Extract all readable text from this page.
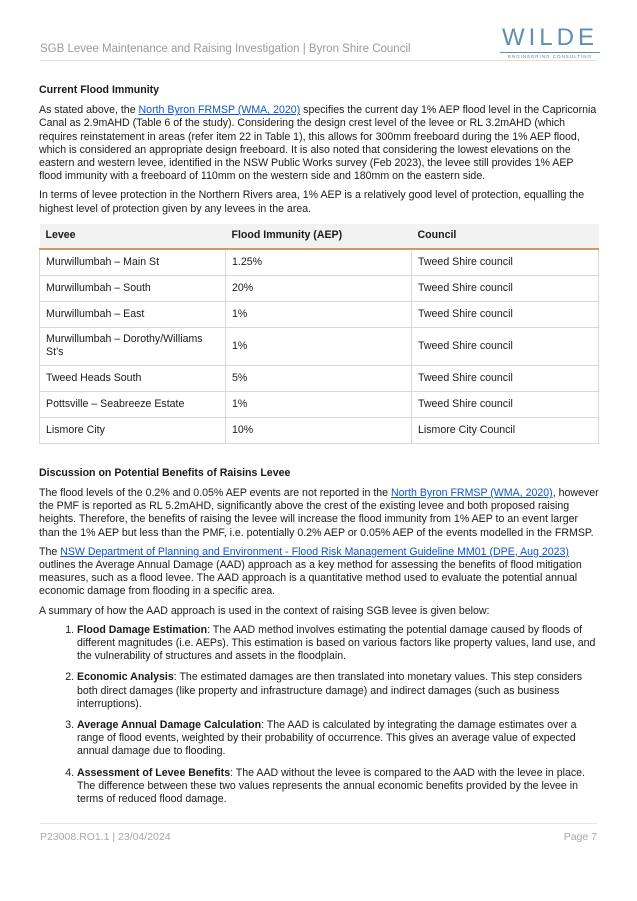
SGB Levee Maintenance and Raising Investigation | Byron Shire Council	WILDE
ENGINEERING CONSULTING
Current Flood Immunity

As stated above, the North Byron FRMSP (WMA, 2020) specifies the current day 1% AEP flood level in the Capricornia Canal as 2.9mAHD (Table 6 of the study). Considering the design crest level of the levee or RL 3.2mAHD (which requires reinstatement in areas (refer item 22 in Table 1), this allows for 300mm freeboard during the 1% AEP flood, which is considered an appropriate design freeboard. It is also noted that considering the lowest elevations on the eastern and western levee, identified in the NSW Public Works survey (Feb 2023), the levee still provides 1% AEP flood immunity with a freeboard of 110mm on the western side and 180mm on the eastern side.

In terms of levee protection in the Northern Rivers area, 1% AEP is a relatively good level of protection, equalling the highest level of protection given by any levees in the area.

Levee	Flood Immunity (AEP)	Council
Murwillumbah – Main St	1.25%	Tweed Shire council
Murwillumbah – South	20%	Tweed Shire council
Murwillumbah – East	1%	Tweed Shire council
Murwillumbah – Dorothy/Williams St’s	1%	Tweed Shire council
Tweed Heads South	5%	Tweed Shire council
Pottsville – Seabreeze Estate	1%	Tweed Shire council
Lismore City	10%	Lismore City Council
Discussion on Potential Benefits of Raisins Levee

The flood levels of the 0.2% and 0.05% AEP events are not reported in the North Byron FRMSP (WMA, 2020), however the PMF is reported as RL 5.2mAHD, significantly above the crest of the existing levee and both proposed raising heights. Therefore, the benefits of raising the levee will increase the flood immunity from 1% AEP to an event larger than the 1% AEP but less than the PMF, i.e. potentially 0.2% AEP or 0.05% AEP of the events modelled in the FRMSP.

The NSW Department of Planning and Environment - Flood Risk Management Guideline MM01 (DPE, Aug 2023) outlines the Average Annual Damage (AAD) approach as a key method for assessing the benefits of flood mitigation measures, such as a flood levee. The AAD approach is a quantitative method used to evaluate the potential annual economic damage from flooding in a specific area.

A summary of how the AAD approach is used in the context of raising SGB levee is given below:

1. Flood Damage Estimation: The AAD method involves estimating the potential damage caused by floods of different magnitudes (i.e. AEPs). This estimation is based on various factors like property values, land use, and the vulnerability of structures and assets in the floodplain.
2. Economic Analysis: The estimated damages are then translated into monetary values. This step considers both direct damages (like property and infrastructure damage) and indirect damages (such as business interruptions).
3. Average Annual Damage Calculation: The AAD is calculated by integrating the damage estimates over a range of flood events, weighted by their probability of occurrence. This gives an average value of expected annual damage due to flooding.
4. Assessment of Levee Benefits: The AAD without the levee is compared to the AAD with the levee in place. The difference between these two values represents the annual economic benefits provided by the levee in terms of reduced flood damage.
P23008.RO1.1 | 23/04/2024	Page 7
